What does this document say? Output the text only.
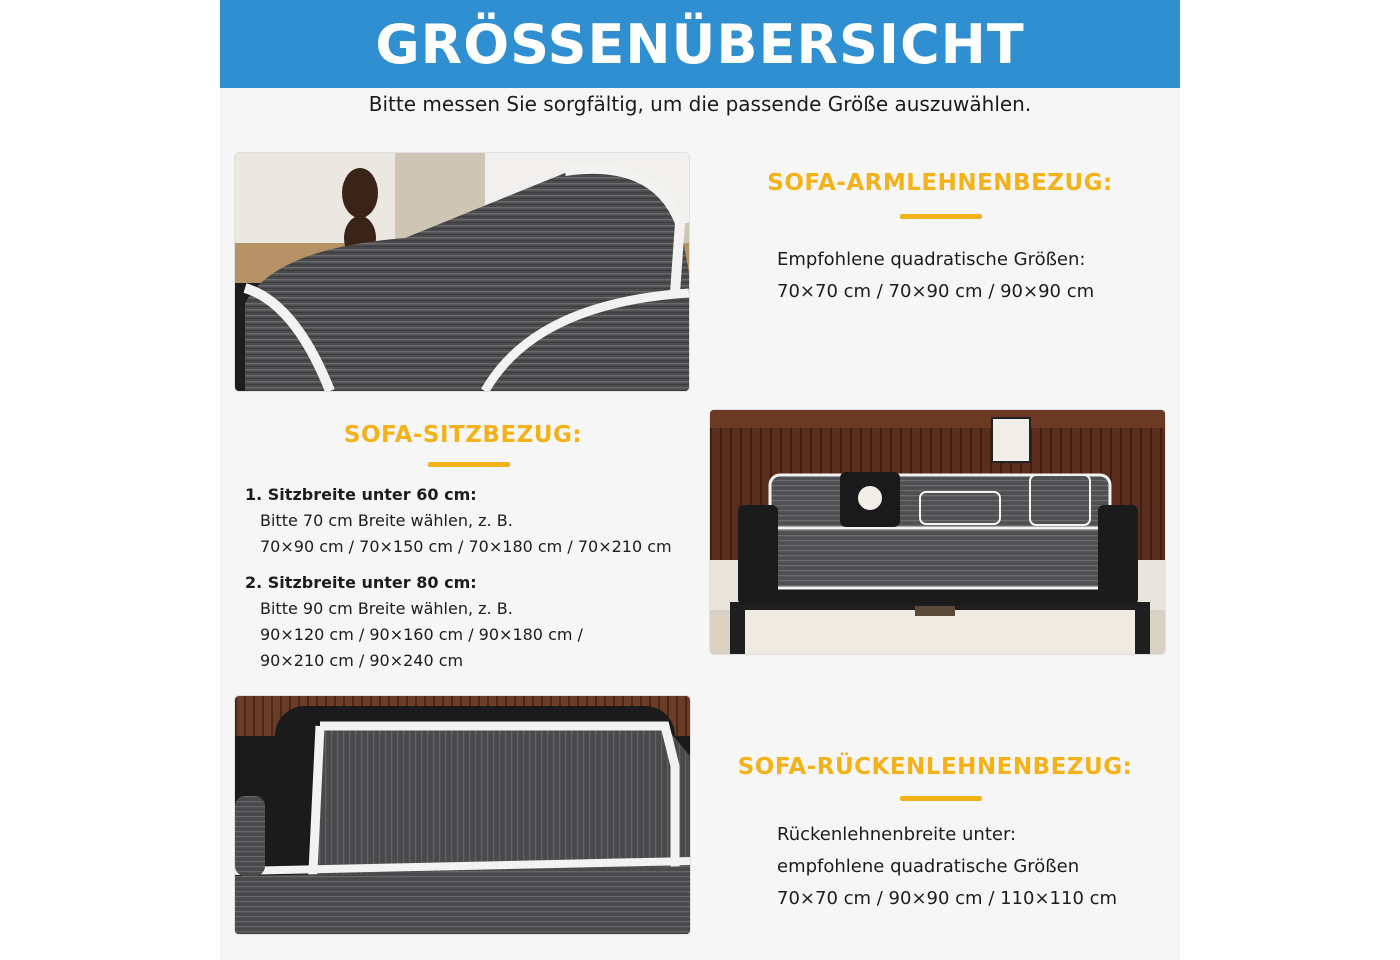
GRÖSSENÜBERSICHT
Bitte messen Sie sorgfältig, um die passende Größe auszuwählen.
SOFA-ARMLEHNENBEZUG:
Empfohlene quadratische Größen:
70×70 cm / 70×90 cm / 90×90 cm
SOFA-SITZBEZUG:
1. Sitzbreite unter 60 cm:
Bitte 70 cm Breite wählen, z. B.
70×90 cm / 70×150 cm / 70×180 cm / 70×210 cm
2. Sitzbreite unter 80 cm:
Bitte 90 cm Breite wählen, z. B.
90×120 cm / 90×160 cm / 90×180 cm /
90×210 cm / 90×240 cm
SOFA-RÜCKENLEHNENBEZUG:
Rückenlehnenbreite unter:
empfohlene quadratische Größen
70×70 cm / 90×90 cm / 110×110 cm
